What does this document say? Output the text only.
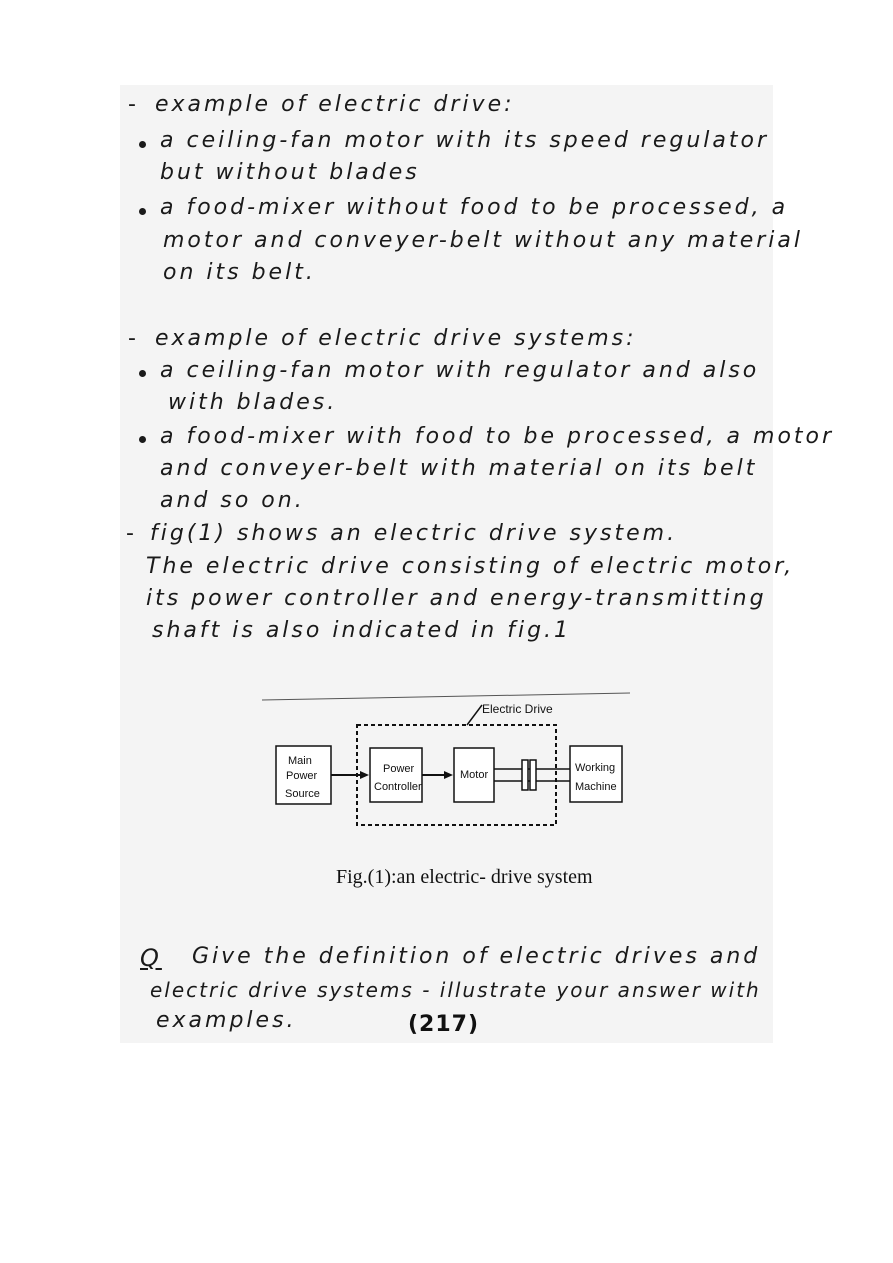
- example of electric drive:
a ceiling-fan motor with its speed regulator
but without blades
a food-mixer without food to be processed, a
motor and conveyer-belt without any material
on its belt.
- example of electric drive systems:
a ceiling-fan motor with regulator and also
with blades.
a food-mixer with food to be processed, a motor
and conveyer-belt with material on its belt
and so on.
- fig(1) shows an electric drive system.
The electric drive consisting of electric motor,
its power controller and energy-transmitting
shaft is also indicated in fig.1
Electric Drive
Main
Power
Source
Power
Controller
Motor
Working
Machine
Fig.(1):an electric- drive system
Q Give the definition of electric drives and
electric drive systems - illustrate your answer with
examples.	(217)
